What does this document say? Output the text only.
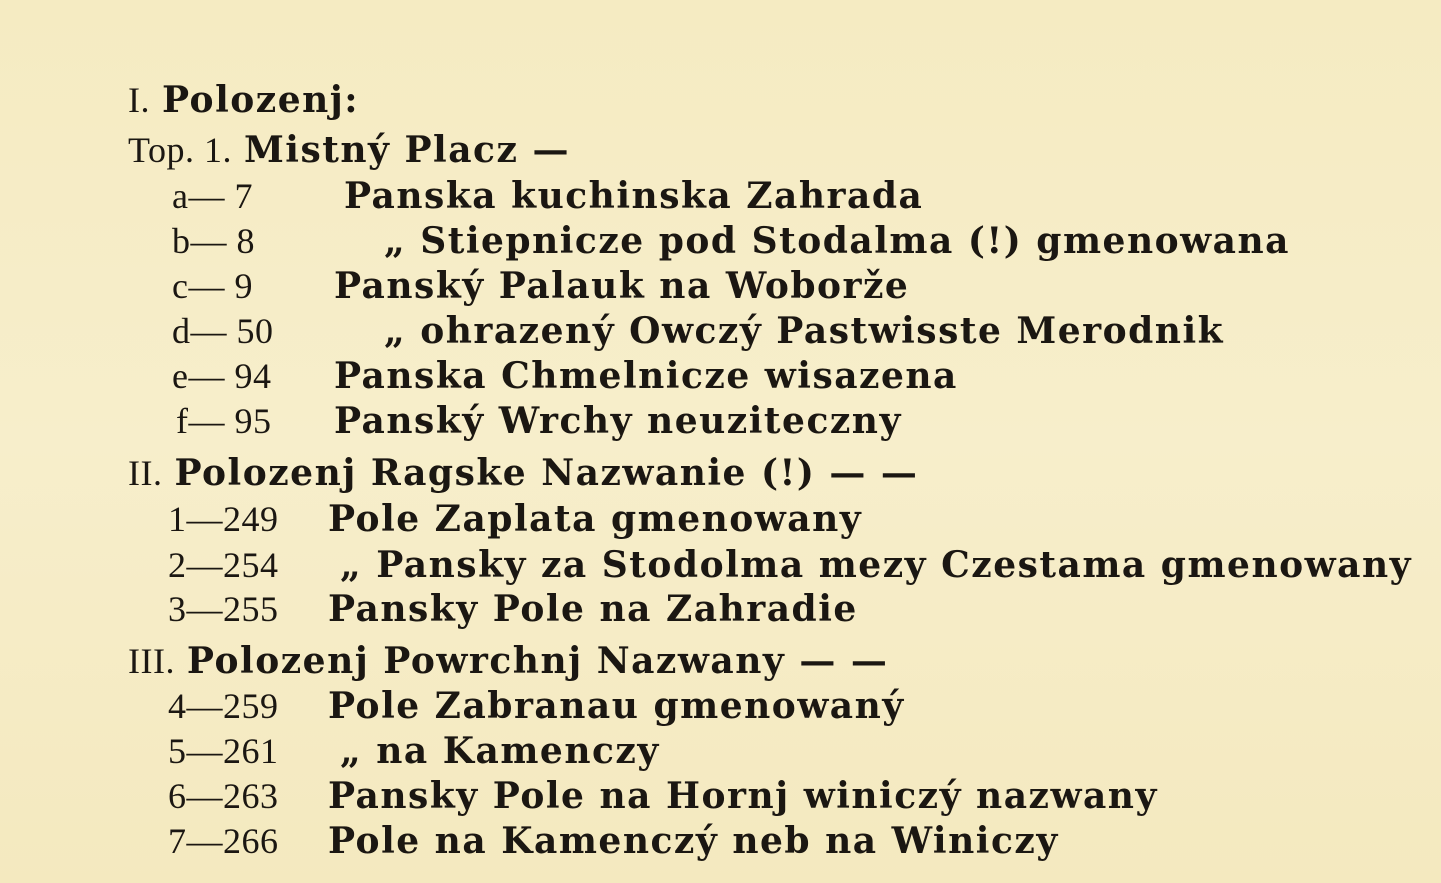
I. Polozenj:
Top. 1. Mistný Placz —
a— 7	Panska kuchinska Zahrada
b— 8	„ Stiepnicze pod Stodalma (!) gmenowana
c— 9 Panský Palauk na Woborže
d— 50	„ ohrazený Owczý Pastwisste Merodnik
e— 94 Panska Chmelnicze wisazena
f— 95 Panský Wrchy neuziteczny
II. Polozenj Ragske Nazwanie (!) — —
1—249 Pole Zaplata gmenowany
2—254 „ Pansky za Stodolma mezy Czestama gmenowany
3—255 Pansky Pole na Zahradie
III. Polozenj Powrchnj Nazwany — —
4—259 Pole Zabranau gmenowaný
5—261 „ na Kamenczy
6—263 Pansky Pole na Hornj winiczý nazwany
7—266 Pole na Kamenczý neb na Winiczy
